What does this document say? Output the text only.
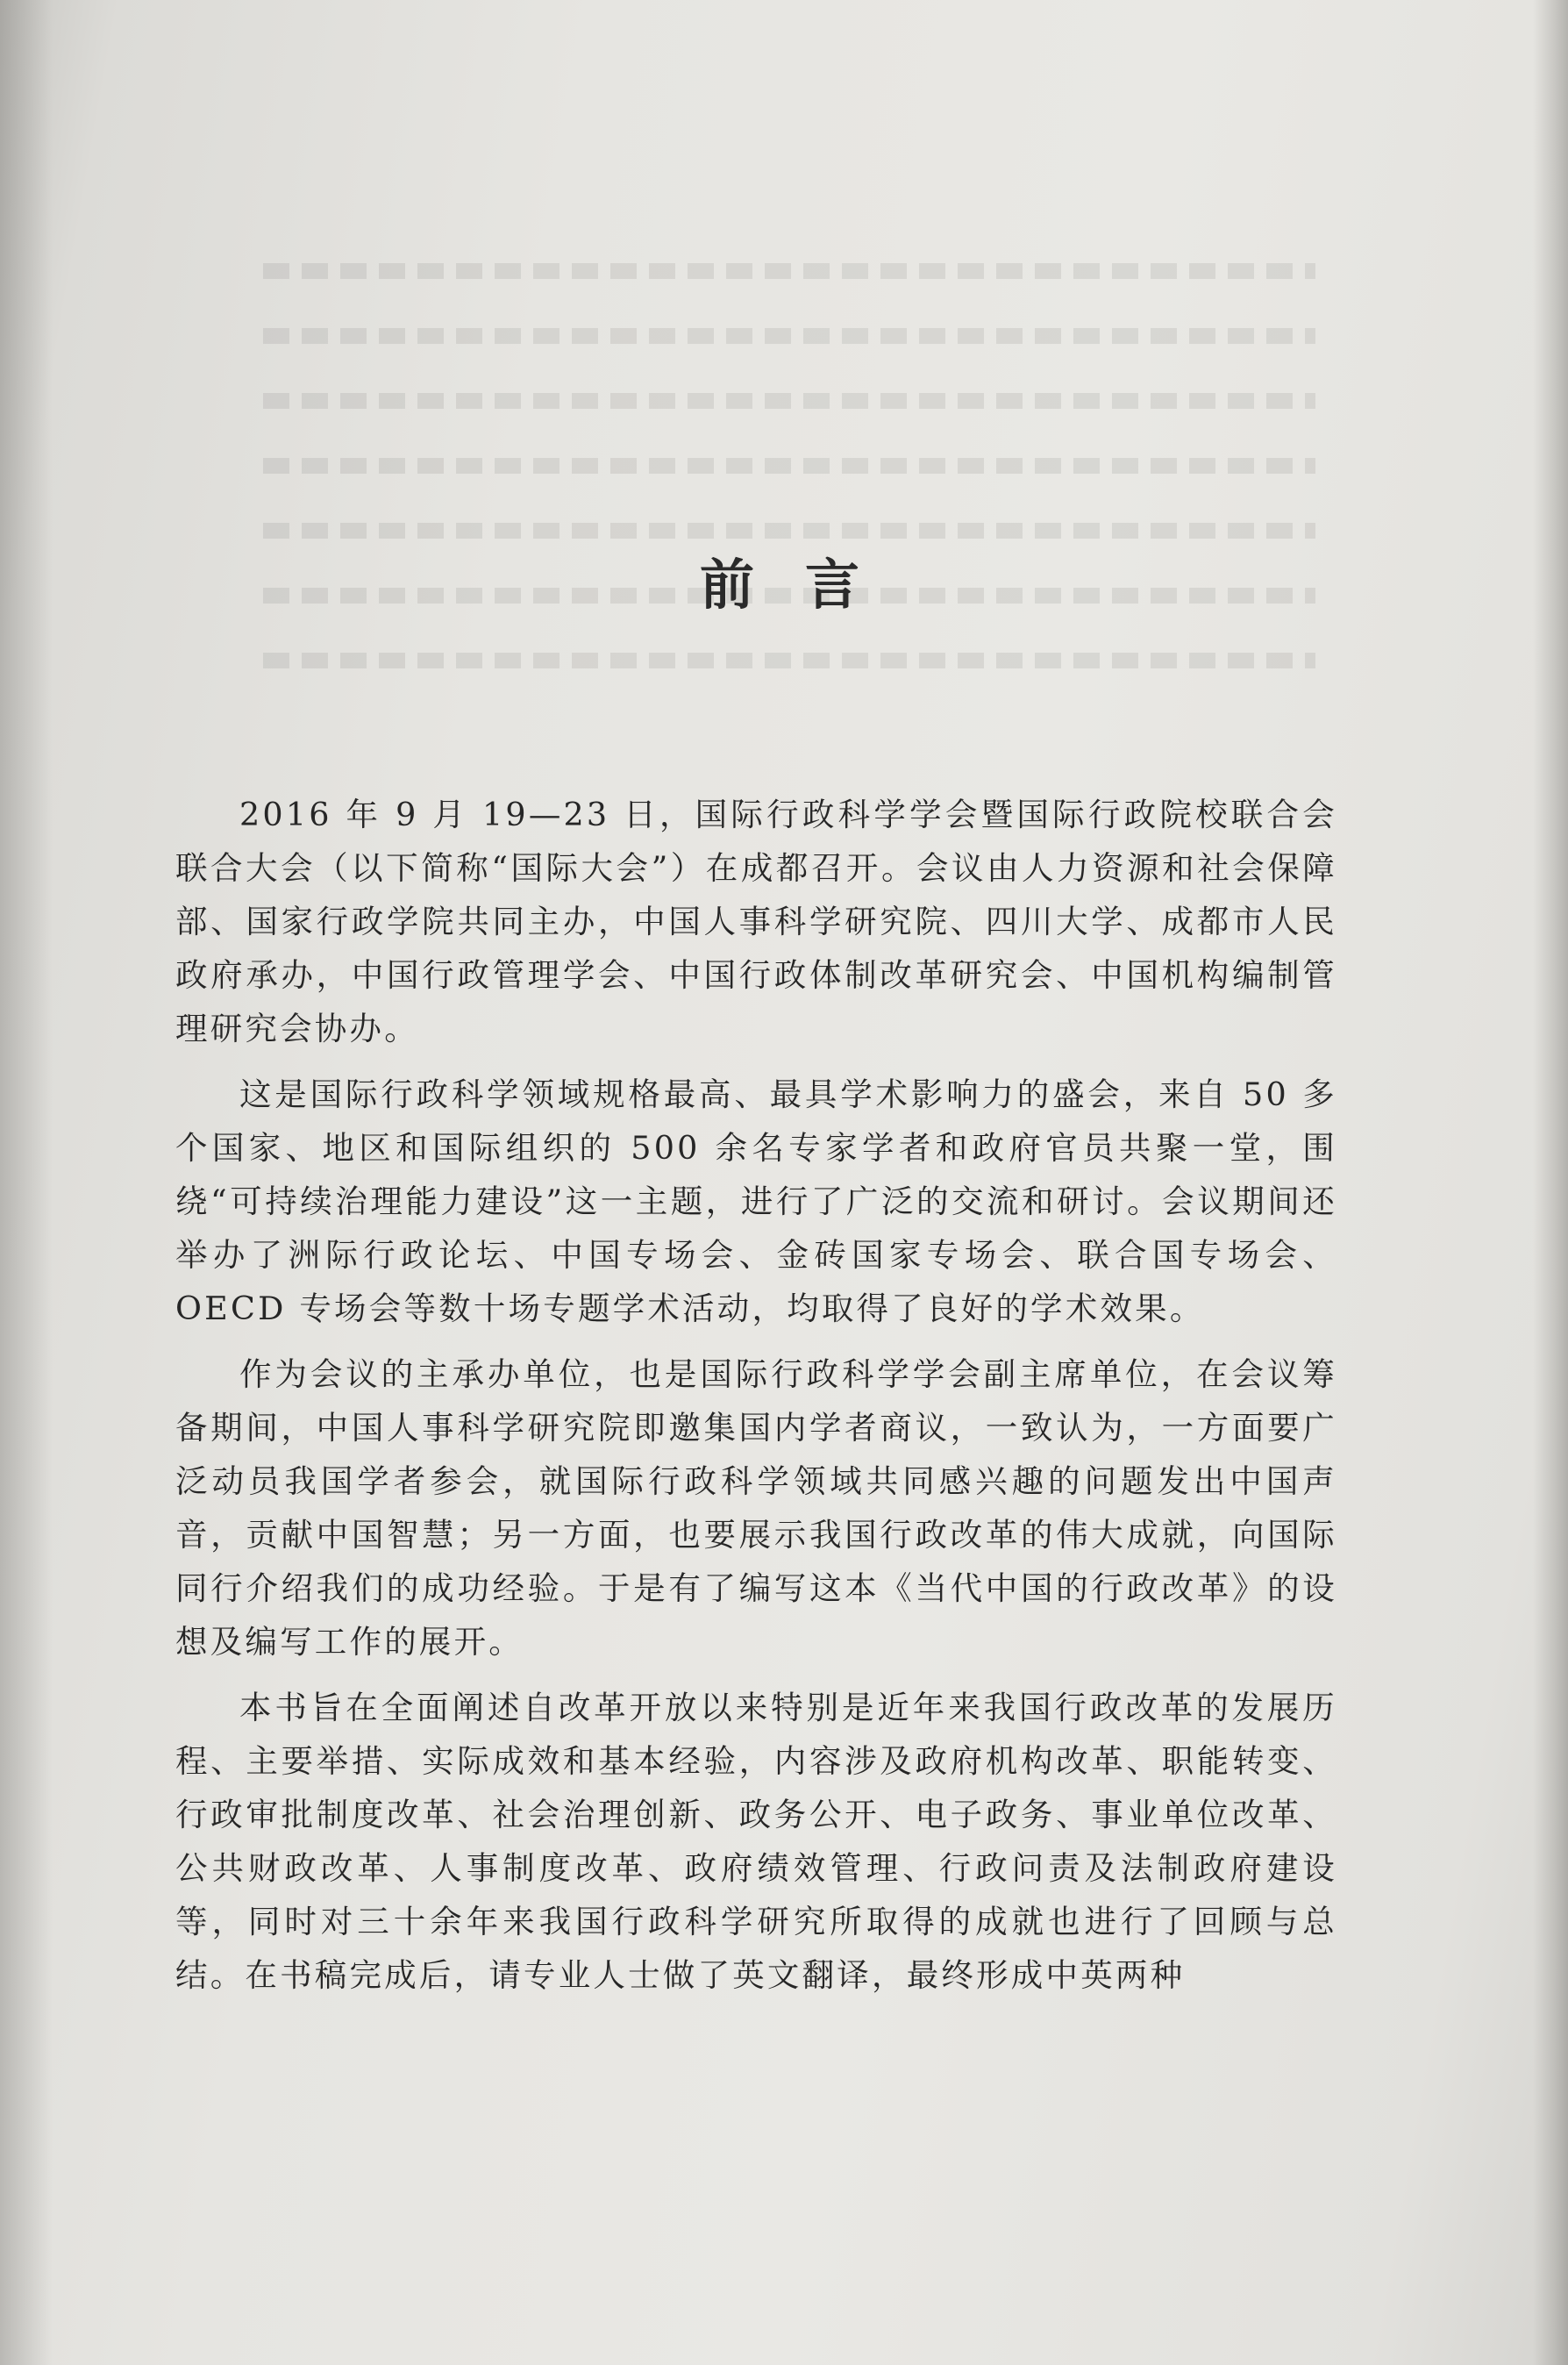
前言

2016 年 9 月 19—23 日，国际行政科学学会暨国际行政院校联合会联合大会（以下简称“国际大会”）在成都召开。会议由人力资源和社会保障部、国家行政学院共同主办，中国人事科学研究院、四川大学、成都市人民政府承办，中国行政管理学会、中国行政体制改革研究会、中国机构编制管理研究会协办。

这是国际行政科学领域规格最高、最具学术影响力的盛会，来自 50 多个国家、地区和国际组织的 500 余名专家学者和政府官员共聚一堂，围绕“可持续治理能力建设”这一主题，进行了广泛的交流和研讨。会议期间还举办了洲际行政论坛、中国专场会、金砖国家专场会、联合国专场会、OECD 专场会等数十场专题学术活动，均取得了良好的学术效果。

作为会议的主承办单位，也是国际行政科学学会副主席单位，在会议筹备期间，中国人事科学研究院即邀集国内学者商议，一致认为，一方面要广泛动员我国学者参会，就国际行政科学领域共同感兴趣的问题发出中国声音，贡献中国智慧；另一方面，也要展示我国行政改革的伟大成就，向国际同行介绍我们的成功经验。于是有了编写这本《当代中国的行政改革》的设想及编写工作的展开。

本书旨在全面阐述自改革开放以来特别是近年来我国行政改革的发展历程、主要举措、实际成效和基本经验，内容涉及政府机构改革、职能转变、行政审批制度改革、社会治理创新、政务公开、电子政务、事业单位改革、公共财政改革、人事制度改革、政府绩效管理、行政问责及法制政府建设等，同时对三十余年来我国行政科学研究所取得的成就也进行了回顾与总结。在书稿完成后，请专业人士做了英文翻译，最终形成中英两种
